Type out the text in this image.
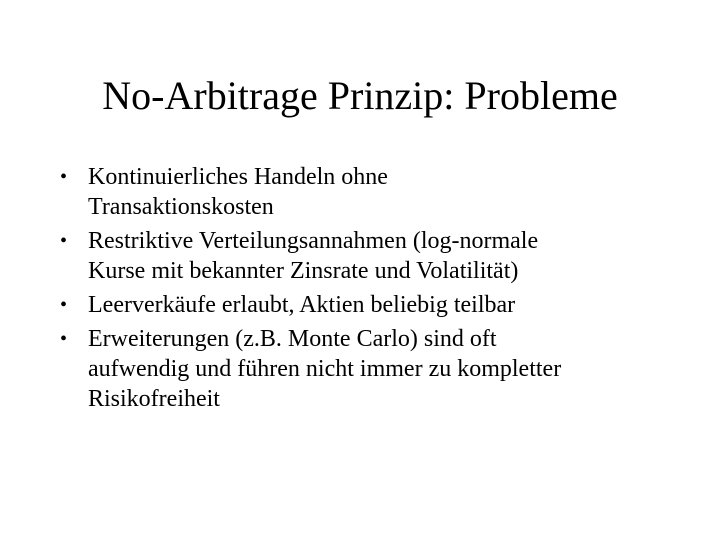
No-Arbitrage Prinzip: Probleme
• Kontinuierliches Handeln ohne
Transaktionskosten
• Restriktive Verteilungsannahmen (log-normale
Kurse mit bekannter Zinsrate und Volatilität)
• Leerverkäufe erlaubt, Aktien beliebig teilbar
• Erweiterungen (z.B. Monte Carlo) sind oft
aufwendig und führen nicht immer zu kompletter
Risikofreiheit
